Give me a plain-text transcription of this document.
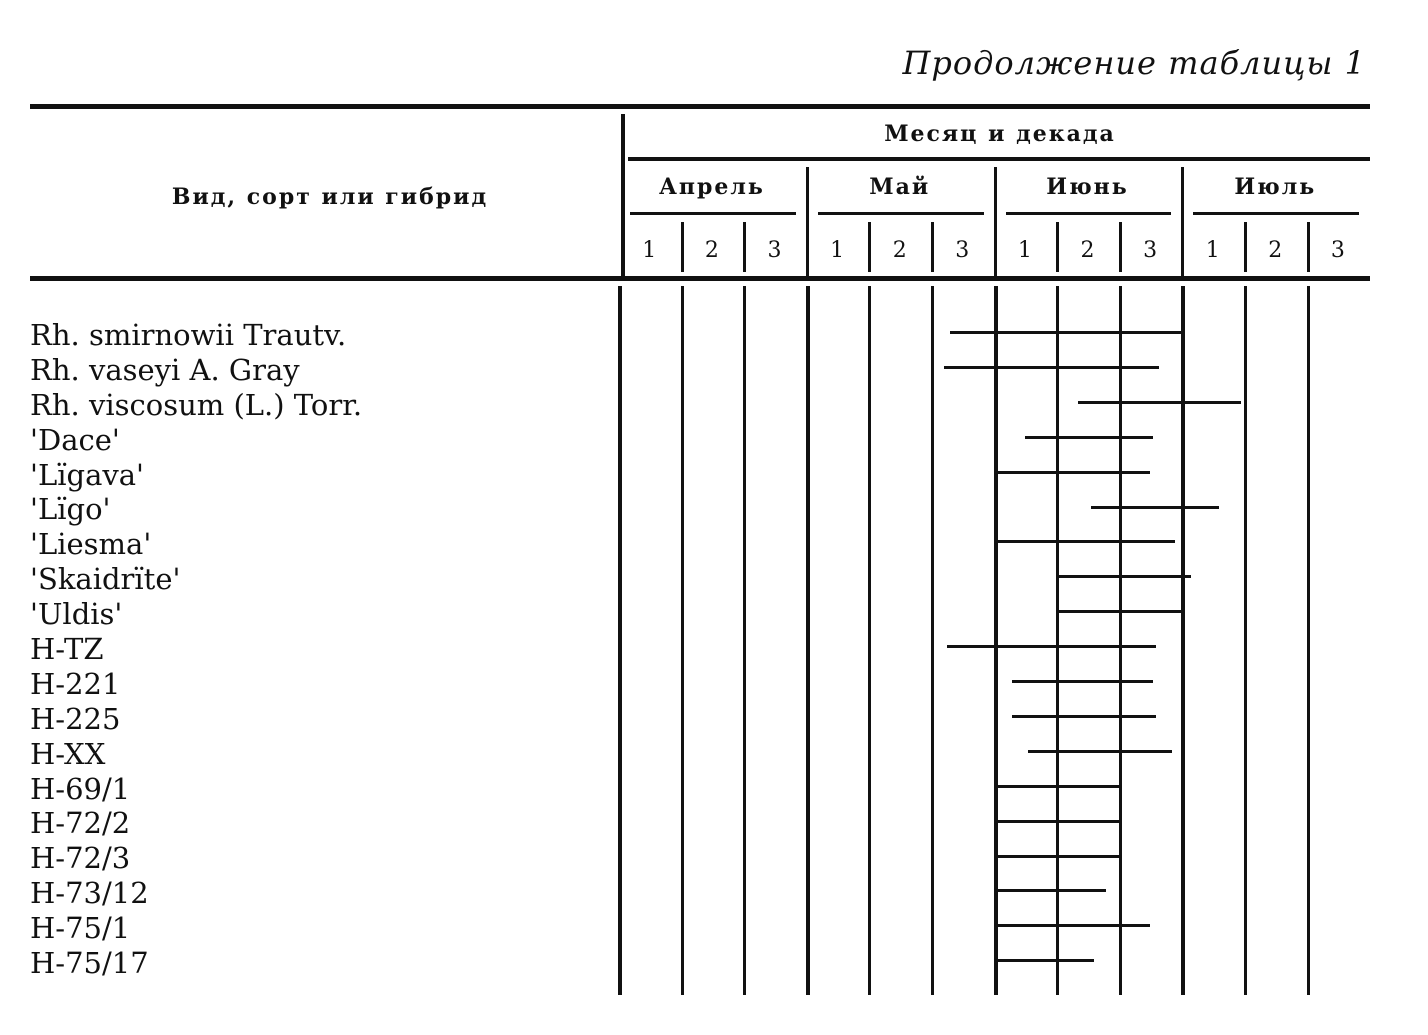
Продолжение таблицы 1
Вид, сорт или гибрид
Месяц и декада
Апрель	Май	Июнь	Июль
1	2	3	1	2	3	1	2	3	1	2	3
Rh. smirnowii Trautv.
Rh. vaseyi A. Gray
Rh. viscosum (L.) Torr.
'Dace'
'Lïgava'
'Lïgo'
'Liesma'
'Skaidrïte'
'Uldis'
H-TZ
H-221
H-225
H-XX
H-69/1
H-72/2
H-72/3
H-73/12
H-75/1
H-75/17
